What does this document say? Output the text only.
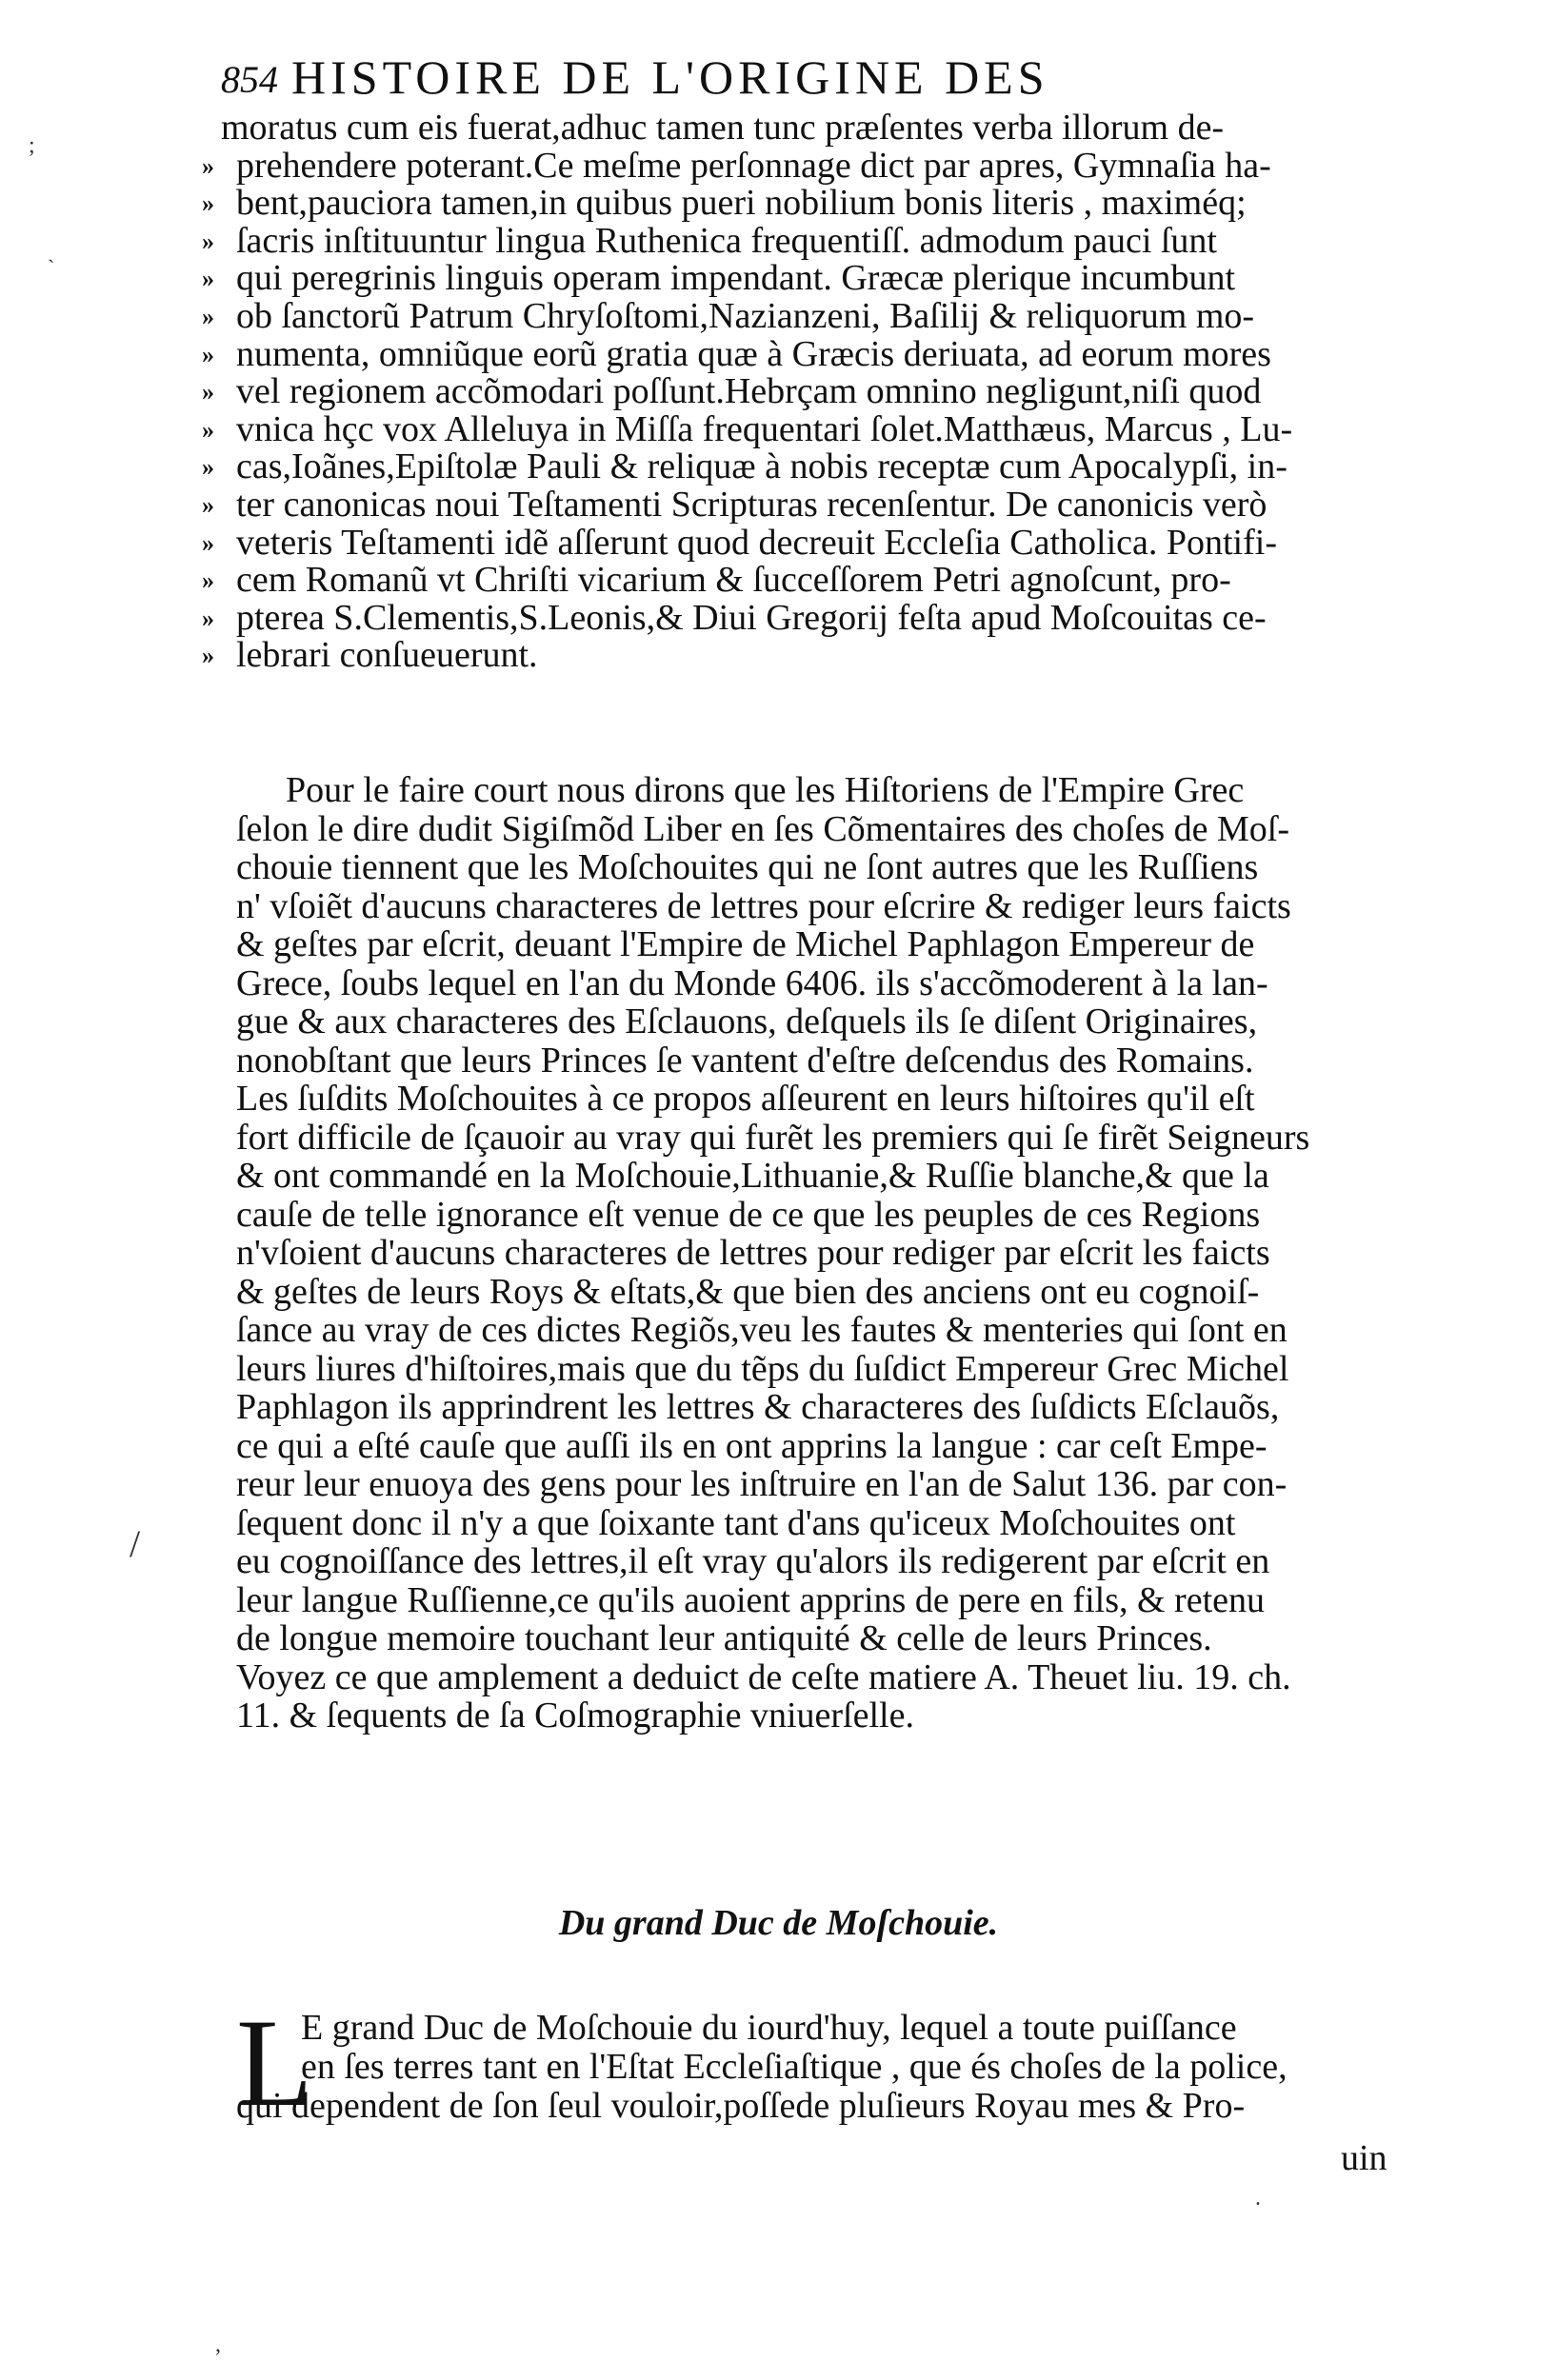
854 HISTOIRE DE L'ORIGINE DES
moratus cum eis fuerat,adhuc tamen tunc præſentes verba illorum de-
» prehendere poterant.Ce meſme perſonnage dict par apres, Gymnaſia ha-
» bent,pauciora tamen,in quibus pueri nobilium bonis literis , maximéq;
» ſacris inſtituuntur lingua Ruthenica frequentiſſ. admodum pauci ſunt
» qui peregrinis linguis operam impendant. Græcæ plerique incumbunt
» ob ſanctorũ Patrum Chryſoſtomi,Nazianzeni, Baſilij & reliquorum mo-
» numenta, omniũque eorũ gratia quæ à Græcis deriuata, ad eorum mores
» vel regionem accõmodari poſſunt.Hebrçam omnino negligunt,niſi quod
» vnica hçc vox Alleluya in Miſſa frequentari ſolet.Matthæus, Marcus , Lu-
» cas,Ioãnes,Epiſtolæ Pauli & reliquæ à nobis receptæ cum Apocalypſi, in-
» ter canonicas noui Teſtamenti Scripturas recenſentur. De canonicis verò
» veteris Teſtamenti idẽ aſſerunt quod decreuit Eccleſia Catholica. Pontifi-
» cem Romanũ vt Chriſti vicarium & ſucceſſorem Petri agnoſcunt, pro-
» pterea S.Clementis,S.Leonis,& Diui Gregorij feſta apud Moſcouitas ce-
» lebrari conſueuerunt.
Pour le faire court nous dirons que les Hiſtoriens de l'Empire Grec
ſelon le dire dudit Sigiſmõd Liber en ſes Cõmentaires des choſes de Moſ-
chouie tiennent que les Moſchouites qui ne ſont autres que les Ruſſiens
n' vſoiẽt d'aucuns characteres de lettres pour eſcrire & rediger leurs faicts
& geſtes par eſcrit, deuant l'Empire de Michel Paphlagon Empereur de
Grece, ſoubs lequel en l'an du Monde 6406. ils s'accõmoderent à la lan-
gue & aux characteres des Eſclauons, deſquels ils ſe diſent Originaires,
nonobſtant que leurs Princes ſe vantent d'eſtre deſcendus des Romains.
Les ſuſdits Moſchouites à ce propos aſſeurent en leurs hiſtoires qu'il eſt
fort difficile de ſçauoir au vray qui furẽt les premiers qui ſe firẽt Seigneurs
& ont commandé en la Moſchouie,Lithuanie,& Ruſſie blanche,& que la
cauſe de telle ignorance eſt venue de ce que les peuples de ces Regions
n'vſoient d'aucuns characteres de lettres pour rediger par eſcrit les faicts
& geſtes de leurs Roys & eſtats,& que bien des anciens ont eu cognoiſ-
ſance au vray de ces dictes Regiõs,veu les fautes & menteries qui ſont en
leurs liures d'hiſtoires,mais que du tẽps du ſuſdict Empereur Grec Michel
Paphlagon ils apprindrent les lettres & characteres des ſuſdicts Eſclauõs,
ce qui a eſté cauſe que auſſi ils en ont apprins la langue : car ceſt Empe-
reur leur enuoya des gens pour les inſtruire en l'an de Salut 136. par con-
ſequent donc il n'y a que ſoixante tant d'ans qu'iceux Moſchouites ont
eu cognoiſſance des lettres,il eſt vray qu'alors ils redigerent par eſcrit en
leur langue Ruſſienne,ce qu'ils auoient apprins de pere en fils, & retenu
de longue memoire touchant leur antiquité & celle de leurs Princes.
Voyez ce que amplement a deduict de ceſte matiere A. Theuet liu. 19. ch.
11. & ſequents de ſa Coſmographie vniuerſelle.
Du grand Duc de Moſchouie.
L
E grand Duc de Moſchouie du iourd'huy, lequel a toute puiſſance
en ſes terres tant en l'Eſtat Eccleſiaſtique , que és choſes de la police,
qui dependent de ſon ſeul vouloir,poſſede pluſieurs Royau mes & Pro-
uin
;
`
/
.
,
